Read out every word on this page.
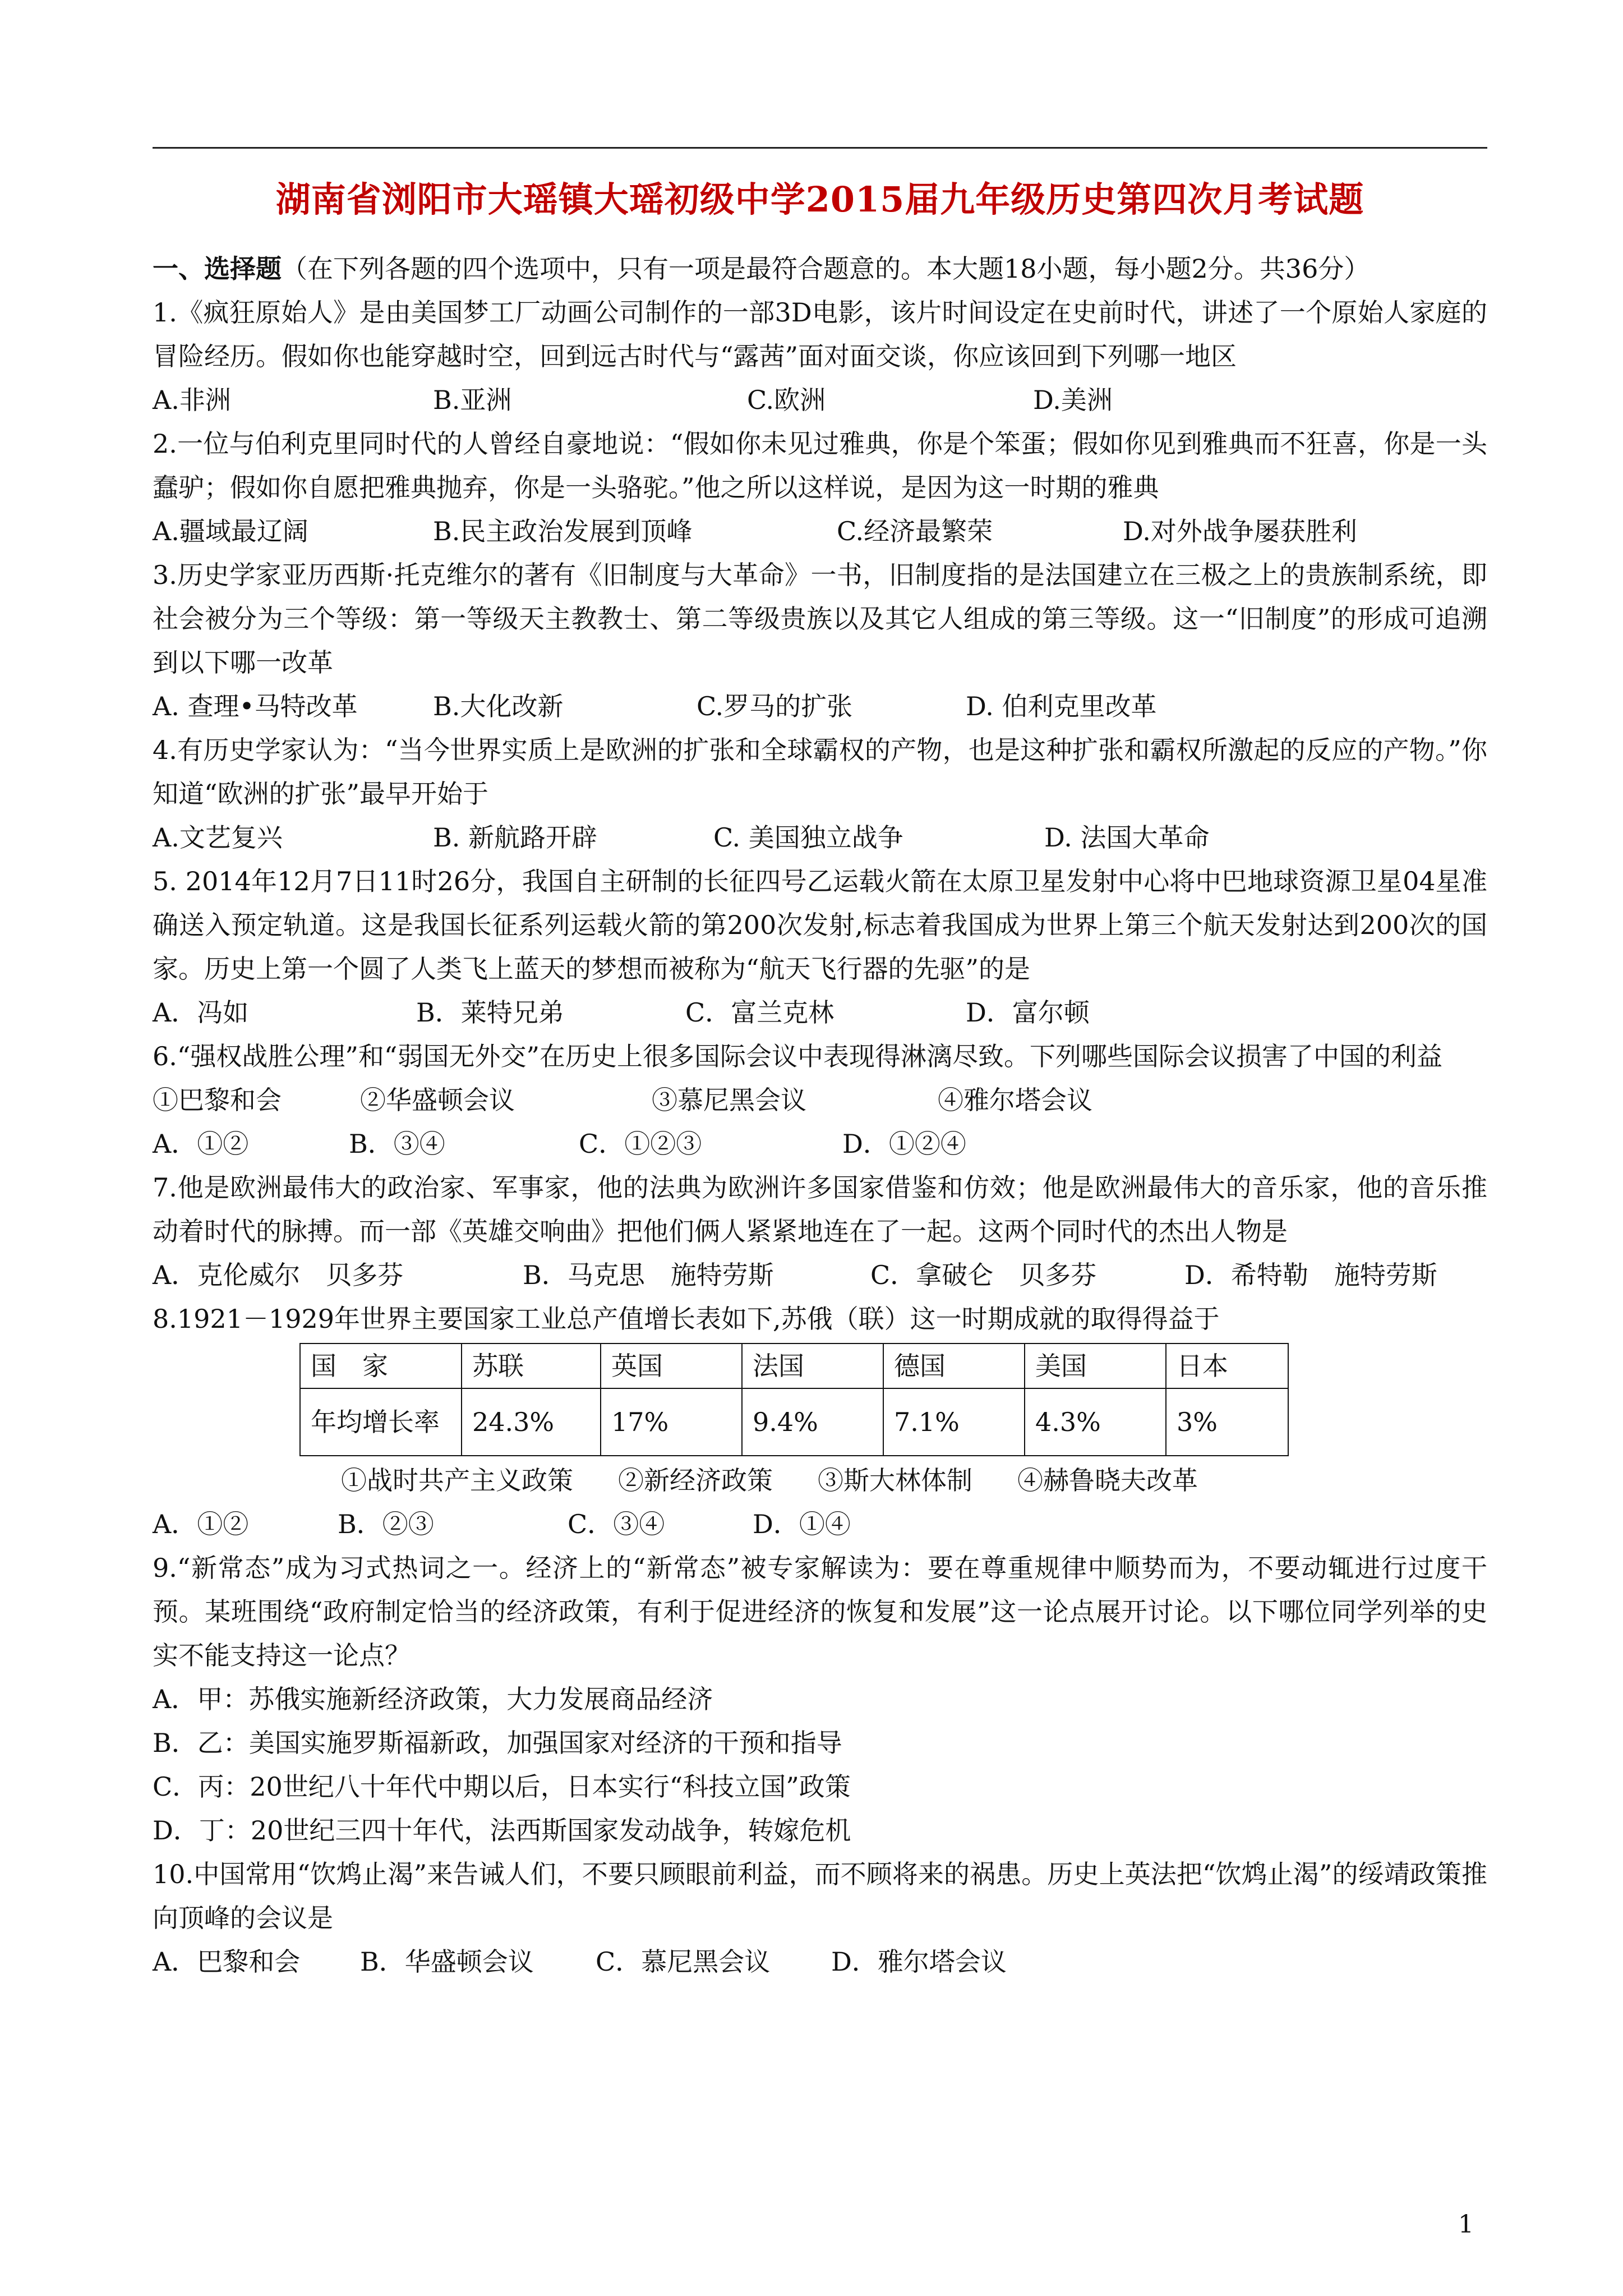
湖南省浏阳市大瑶镇大瑶初级中学2015届九年级历史第四次月考试题
一、选择题（在下列各题的四个选项中，只有一项是最符合题意的。本大题18小题，每小题2分。共36分）
1.《疯狂原始人》是由美国梦工厂动画公司制作的一部3D电影，该片时间设定在史前时代，讲述了一个原始人家庭的冒险经历。假如你也能穿越时空，回到远古时代与“露茜”面对面交谈，你应该回到下列哪一地区
A.非洲	B.亚洲	C.欧洲	D.美洲
2.一位与伯利克里同时代的人曾经自豪地说：“假如你未见过雅典，你是个笨蛋；假如你见到雅典而不狂喜，你是一头蠢驴；假如你自愿把雅典抛弃，你是一头骆驼。”他之所以这样说，是因为这一时期的雅典
A.疆域最辽阔	B.民主政治发展到顶峰	C.经济最繁荣	D.对外战争屡获胜利
3.历史学家亚历西斯·托克维尔的著有《旧制度与大革命》一书，旧制度指的是法国建立在三极之上的贵族制系统，即社会被分为三个等级：第一等级天主教教士、第二等级贵族以及其它人组成的第三等级。这一“旧制度”的形成可追溯到以下哪一改革
A. 查理•马特改革	B.大化改新	C.罗马的扩张	D. 伯利克里改革
4.有历史学家认为：“当今世界实质上是欧洲的扩张和全球霸权的产物，也是这种扩张和霸权所激起的反应的产物。”你知道“欧洲的扩张”最早开始于
A.文艺复兴	B. 新航路开辟	C. 美国独立战争	D. 法国大革命
5. 2014年12月7日11时26分，我国自主研制的长征四号乙运载火箭在太原卫星发射中心将中巴地球资源卫星04星准确送入预定轨道。这是我国长征系列运载火箭的第200次发射,标志着我国成为世界上第三个航天发射达到200次的国家。历史上第一个圆了人类飞上蓝天的梦想而被称为“航天飞行器的先驱”的是
A．冯如	B．莱特兄弟	C．富兰克林	D．富尔顿
6.“强权战胜公理”和“弱国无外交”在历史上很多国际会议中表现得淋漓尽致。下列哪些国际会议损害了中国的利益
①巴黎和会	②华盛顿会议	③慕尼黑会议	④雅尔塔会议
A．①②	B．③④	C．①②③	D．①②④
7.他是欧洲最伟大的政治家、军事家，他的法典为欧洲许多国家借鉴和仿效；他是欧洲最伟大的音乐家，他的音乐推动着时代的脉搏。而一部《英雄交响曲》把他们俩人紧紧地连在了一起。这两个同时代的杰出人物是
A．克伦威尔　贝多芬	B．马克思　施特劳斯	C．拿破仑　贝多芬	D．希特勒　施特劳斯
8.1921－1929年世界主要国家工业总产值增长表如下,苏俄（联）这一时期成就的取得得益于
国　家	苏联	英国	法国	德国	美国	日本
年均增长率	24.3%	17%	9.4%	7.1%	4.3%	3%
①战时共产主义政策 ②新经济政策 ③斯大林体制 ④赫鲁晓夫改革
A．①②	B．②③	C．③④	D．①④
9.“新常态”成为习式热词之一。经济上的“新常态”被专家解读为：要在尊重规律中顺势而为，不要动辄进行过度干预。某班围绕“政府制定恰当的经济政策，有利于促进经济的恢复和发展”这一论点展开讨论。以下哪位同学列举的史实不能支持这一论点？
A．甲：苏俄实施新经济政策，大力发展商品经济
B．乙：美国实施罗斯福新政，加强国家对经济的干预和指导
C．丙：20世纪八十年代中期以后，日本实行“科技立国”政策
D．丁：20世纪三四十年代，法西斯国家发动战争，转嫁危机
10.中国常用“饮鸩止渴”来告诫人们，不要只顾眼前利益，而不顾将来的祸患。历史上英法把“饮鸩止渴”的绥靖政策推向顶峰的会议是
A．巴黎和会	B．华盛顿会议	C．慕尼黑会议	D．雅尔塔会议
1
